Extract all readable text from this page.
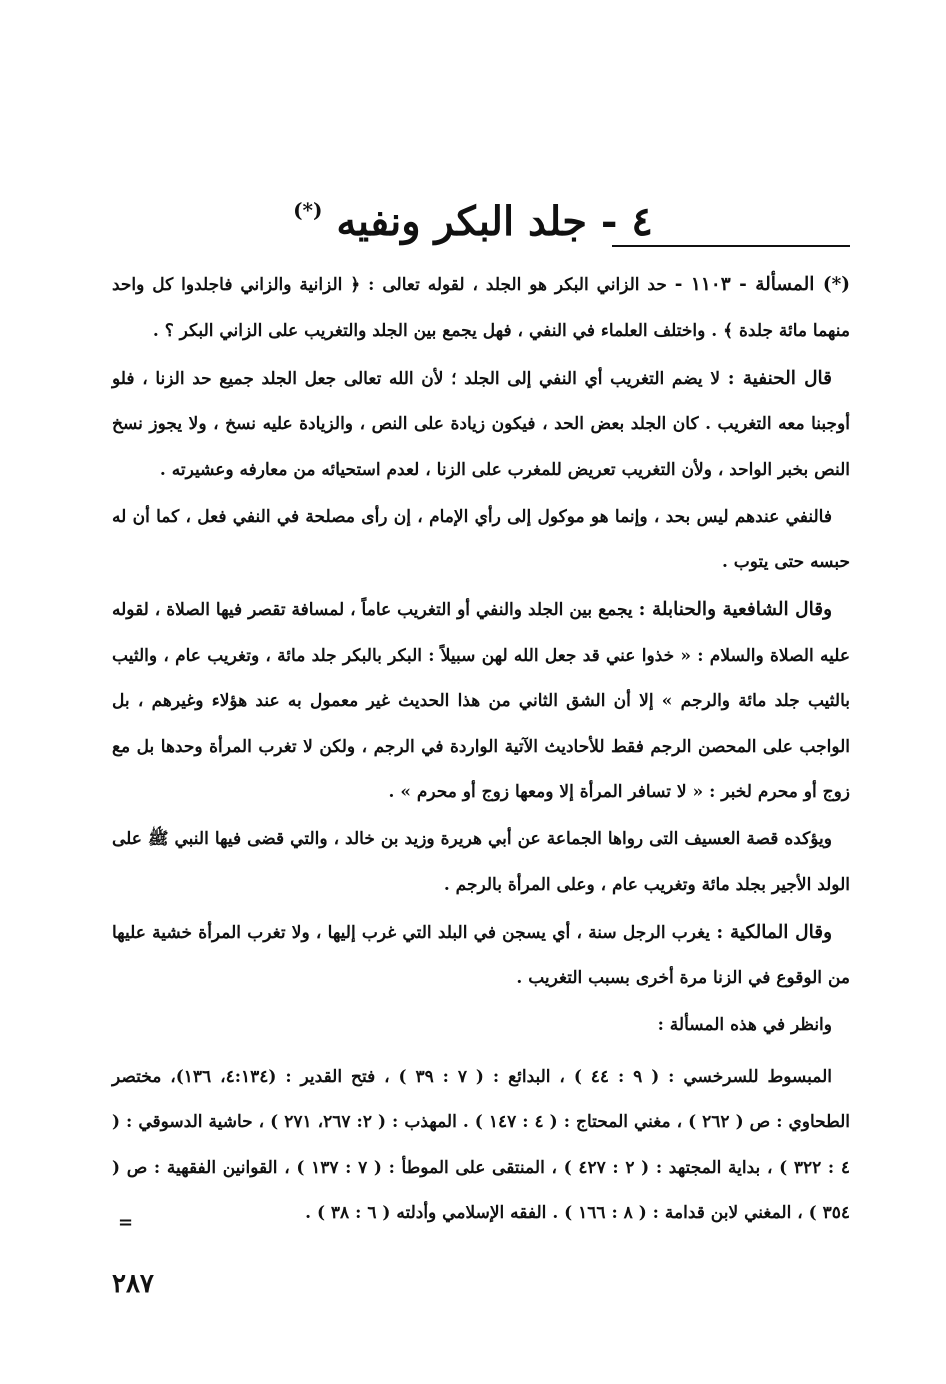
٤ - جلد البكر ونفيه (*)

(*) المسألة - ١١٠٣ - حد الزاني البكر هو الجلد ، لقوله تعالى : ﴿ الزانية والزاني فاجلدوا كل واحد منهما مائة جلدة ﴾ . واختلف العلماء في النفي ، فهل يجمع بين الجلد والتغريب على الزاني البكر ؟ .

قال الحنفية : لا يضم التغريب أي النفي إلى الجلد ؛ لأن الله تعالى جعل الجلد جميع حد الزنا ، فلو أوجبنا معه التغريب . كان الجلد بعض الحد ، فيكون زيادة على النص ، والزيادة عليه نسخ ، ولا يجوز نسخ النص بخبر الواحد ، ولأن التغريب تعريض للمغرب على الزنا ، لعدم استحيائه من معارفه وعشيرته .

فالنفي عندهم ليس بحد ، وإنما هو موكول إلى رأي الإمام ، إن رأى مصلحة في النفي فعل ، كما أن له حبسه حتى يتوب .

وقال الشافعية والحنابلة : يجمع بين الجلد والنفي أو التغريب عاماً ، لمسافة تقصر فيها الصلاة ، لقوله عليه الصلاة والسلام : « خذوا عني قد جعل الله لهن سبيلاً : البكر بالبكر جلد مائة ، وتغريب عام ، والثيب بالثيب جلد مائة والرجم » إلا أن الشق الثاني من هذا الحديث غير معمول به عند هؤلاء وغيرهم ، بل الواجب على المحصن الرجم فقط للأحاديث الآتية الواردة في الرجم ، ولكن لا تغرب المرأة وحدها بل مع زوج أو محرم لخبر : « لا تسافر المرأة إلا ومعها زوج أو محرم » .

ويؤكده قصة العسيف التى رواها الجماعة عن أبي هريرة وزيد بن خالد ، والتي قضى فيها النبي ﷺ على الولد الأجير بجلد مائة وتغريب عام ، وعلى المرأة بالرجم .

وقال المالكية : يغرب الرجل سنة ، أي يسجن في البلد التي غرب إليها ، ولا تغرب المرأة خشية عليها من الوقوع في الزنا مرة أخرى بسبب التغريب .

وانظر في هذه المسألة :

المبسوط للسرخسي : ( ٩ : ٤٤ ) ، البدائع : ( ٧ : ٣٩ ) ، فتح القدير : (٤:١٣٤، ١٣٦)، مختصر الطحاوي : ص ( ٢٦٢ ) ، مغني المحتاج : ( ٤ : ١٤٧ ) . المهذب : ( ٢: ٢٦٧، ٢٧١ ) ، حاشية الدسوقي : ( ٤ : ٣٢٢ ) ، بداية المجتهد : ( ٢ : ٤٢٧ ) ، المنتقى على الموطأ : ( ٧ : ١٣٧ ) ، القوانين الفقهية : ص ( ٣٥٤ ) ، المغني لابن قدامة : ( ٨ : ١٦٦ ) . الفقه الإسلامي وأدلته ( ٦ : ٣٨ ) .

=
٢٨٧
